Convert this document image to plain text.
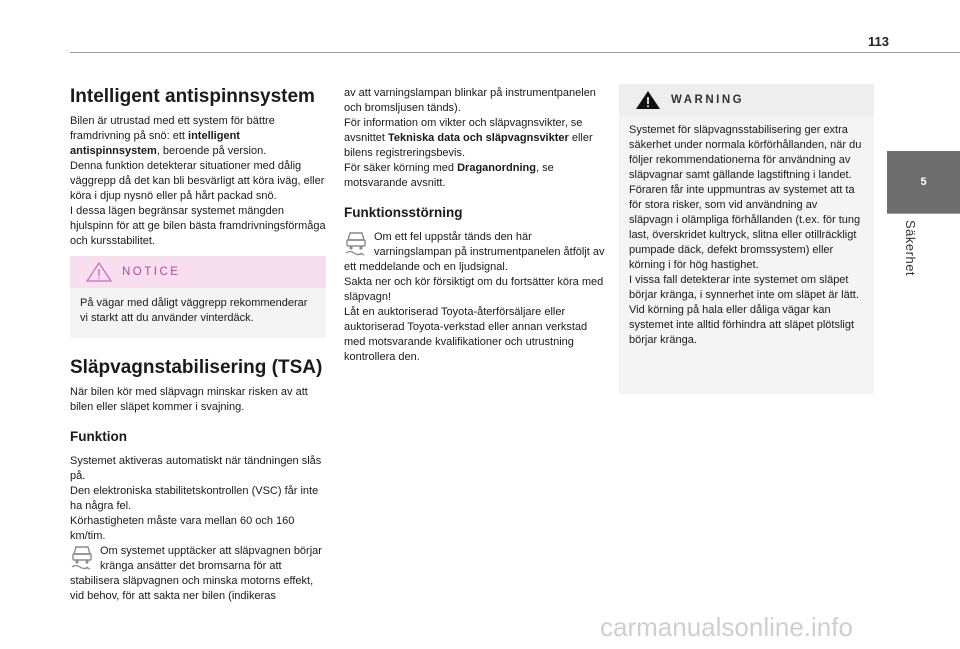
113
5
Säkerhet
Intelligent antispinnsystem

Bilen är utrustad med ett system för bättre framdrivning på snö: ett intelligent antispinnsystem, beroende på version.

Denna funktion detekterar situationer med dålig väggrepp då det kan bli besvärligt att köra iväg, eller köra i djup nysnö eller på hårt packad snö.

I dessa lägen begränsar systemet mängden hjulspinn för att ge bilen bästa framdrivningsförmåga och kursstabilitet.

NOTICE
På vägar med dåligt väggrepp rekommenderar vi starkt att du använder vinterdäck.
Släpvagnstabilisering (TSA)

När bilen kör med släpvagn minskar risken av att bilen eller släpet kommer i svajning.

Funktion

Systemet aktiveras automatiskt när tändningen slås på.

Den elektroniska stabilitetskontrollen (VSC) får inte ha några fel.

Körhastigheten måste vara mellan 60 och 160 km/tim.

Om systemet upptäcker att släpvagnen börjar kränga ansätter det bromsarna för att stabilisera släpvagnen och minska motorns effekt, vid behov, för att sakta ner bilen (indikeras

av att varningslampan blinkar på instrumentpanelen och bromsljusen tänds).

För information om vikter och släpvagnsvikter, se avsnittet Tekniska data och släpvagnsvikter eller bilens registreringsbevis.

För säker körning med Draganordning, se motsvarande avsnitt.

Funktionsstörning

Om ett fel uppstår tänds den här varningslampan på instrumentpanelen åtföljt av ett meddelande och en ljudsignal.

Sakta ner och kör försiktigt om du fortsätter köra med släpvagn!

Låt en auktoriserad Toyota-återförsäljare eller auktoriserad Toyota-verkstad eller annan verkstad med motsvarande kvalifikationer och utrustning kontrollera den.

WARNING

Systemet för släpvagnsstabilisering ger extra säkerhet under normala körförhållanden, när du följer rekommendationerna för användning av släpvagnar samt gällande lagstiftning i landet. Föraren får inte uppmuntras av systemet att ta för stora risker, som vid användning av släpvagn i olämpliga förhållanden (t.ex. för tung last, överskridet kultryck, slitna eller otillräckligt pumpade däck, defekt bromssystem) eller körning i för hög hastighet.

I vissa fall detekterar inte systemet om släpet börjar kränga, i synnerhet inte om släpet är lätt.

Vid körning på hala eller dåliga vägar kan systemet inte alltid förhindra att släpet plötsligt börjar kränga.

carmanualsonline.info
